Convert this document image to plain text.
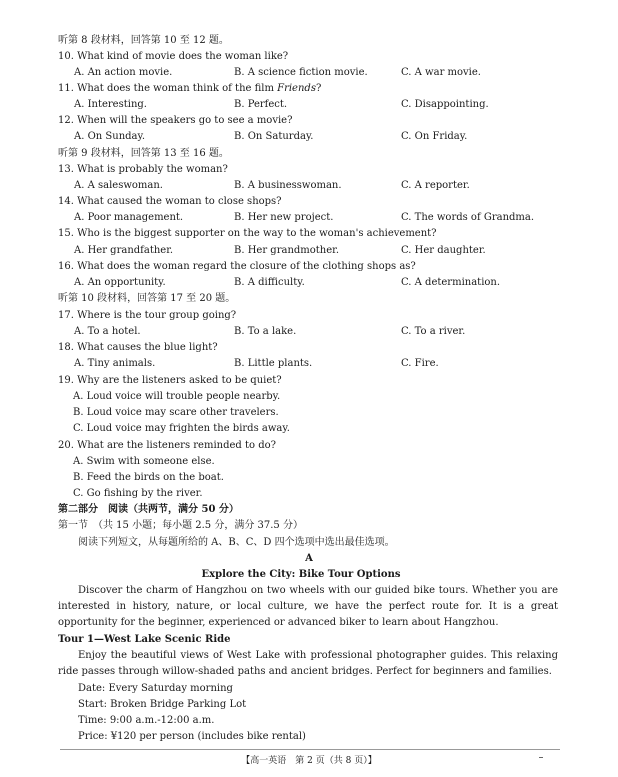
听第 8 段材料，回答第 10 至 12 题。
10. What kind of movie does the woman like?
A. An action movie.	B. A science fiction movie.	C. A war movie.
11. What does the woman think of the film Friends?
A. Interesting.	B. Perfect.	C. Disappointing.
12. When will the speakers go to see a movie?
A. On Sunday.	B. On Saturday.	C. On Friday.
听第 9 段材料，回答第 13 至 16 题。
13. What is probably the woman?
A. A saleswoman.	B. A businesswoman.	C. A reporter.
14. What caused the woman to close shops?
A. Poor management.	B. Her new project.	C. The words of Grandma.
15. Who is the biggest supporter on the way to the woman's achievement?
A. Her grandfather.	B. Her grandmother.	C. Her daughter.
16. What does the woman regard the closure of the clothing shops as?
A. An opportunity.	B. A difficulty.	C. A determination.
听第 10 段材料，回答第 17 至 20 题。
17. Where is the tour group going?
A. To a hotel.	B. To a lake.	C. To a river.
18. What causes the blue light?
A. Tiny animals.	B. Little plants.	C. Fire.
19. Why are the listeners asked to be quiet?
A. Loud voice will trouble people nearby.
B. Loud voice may scare other travelers.
C. Loud voice may frighten the birds away.
20. What are the listeners reminded to do?
A. Swim with someone else.
B. Feed the birds on the boat.
C. Go fishing by the river.
第二部分　阅读（共两节，满分 50 分）
第一节　（共 15 小题；每小题 2.5 分，满分 37.5 分）
阅读下列短文，从每题所给的 A、B、C、D 四个选项中选出最佳选项。
A
Explore the City: Bike Tour Options
Discover the charm of Hangzhou on two wheels with our guided bike tours. Whether you are interested in history, nature, or local culture, we have the perfect route for. It is a great opportunity for the beginner, experienced or advanced biker to learn about Hangzhou.
Tour 1—West Lake Scenic Ride
Enjoy the beautiful views of West Lake with professional photographer guides. This relaxing ride passes through willow-shaded paths and ancient bridges. Perfect for beginners and families.
Date: Every Saturday morning
Start: Broken Bridge Parking Lot
Time: 9:00 a.m.-12:00 a.m.
Price: ¥120 per person (includes bike rental)
【高一英语　第 2 页（共 8 页）】
